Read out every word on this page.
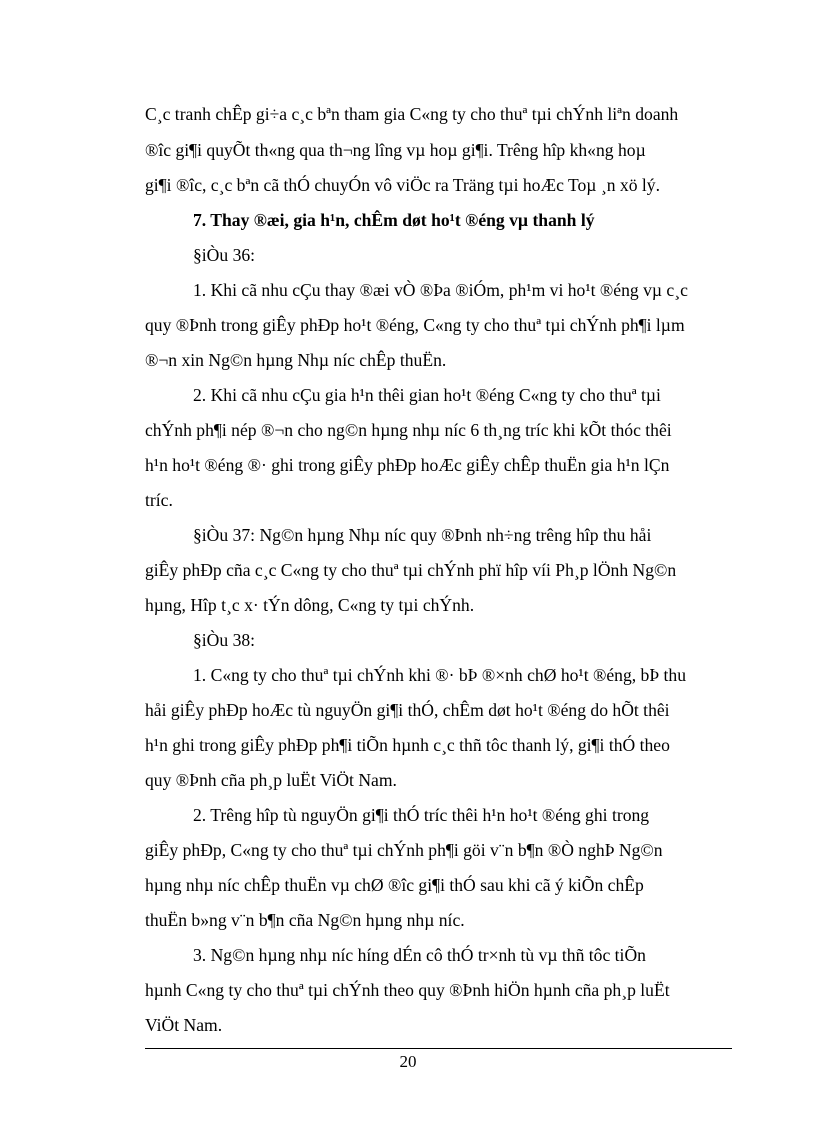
C¸c tranh chÊp gi÷a c¸c bªn tham gia C«ng ty cho thuª tµi chÝnh liªn doanh
®îc gi¶i quyÕt th«ng qua th¬ng lîng vµ hoµ gi¶i. Trêng hîp kh«ng hoµ
gi¶i ®îc, c¸c bªn cã thÓ chuyÓn vô viÖc ra Träng tµi hoÆc Toµ ¸n xö lý.
7. Thay ®æi, gia h¹n, chÊm døt ho¹t ®éng vµ thanh lý
§iÒu 36:
1. Khi cã nhu cÇu thay ®æi vÒ ®Þa ®iÓm, ph¹m vi ho¹t ®éng vµ c¸c
quy ®Þnh trong giÊy phÐp ho¹t ®éng, C«ng ty cho thuª tµi chÝnh ph¶i lµm
®¬n xin Ng©n hµng Nhµ níc chÊp thuËn.
2. Khi cã nhu cÇu gia h¹n thêi gian ho¹t ®éng C«ng ty cho thuª tµi
chÝnh ph¶i nép ®¬n cho ng©n hµng nhµ níc 6 th¸ng tríc khi kÕt thóc thêi
h¹n ho¹t ®éng ®· ghi trong giÊy phÐp hoÆc giÊy chÊp thuËn gia h¹n lÇn
tríc.
§iÒu 37: Ng©n hµng Nhµ níc quy ®Þnh nh÷ng trêng hîp thu håi
giÊy phÐp cña c¸c C«ng ty cho thuª tµi chÝnh phï hîp víi Ph¸p lÖnh Ng©n
hµng, Hîp t¸c x· tÝn dông, C«ng ty tµi chÝnh.
§iÒu 38:
1. C«ng ty cho thuª tµi chÝnh khi ®· bÞ ®×nh chØ ho¹t ®éng, bÞ thu
håi giÊy phÐp hoÆc tù nguyÖn gi¶i thÓ, chÊm døt ho¹t ®éng do hÕt thêi
h¹n ghi trong giÊy phÐp ph¶i tiÕn hµnh c¸c thñ tôc thanh lý, gi¶i thÓ theo
quy ®Þnh cña ph¸p luËt ViÖt Nam.
2. Trêng hîp tù nguyÖn gi¶i thÓ tríc thêi h¹n ho¹t ®éng ghi trong
giÊy phÐp, C«ng ty cho thuª tµi chÝnh ph¶i göi v¨n b¶n ®Ò nghÞ Ng©n
hµng nhµ níc chÊp thuËn vµ chØ ®îc gi¶i thÓ sau khi cã ý kiÕn chÊp
thuËn b»ng v¨n b¶n cña Ng©n hµng nhµ níc.
3. Ng©n hµng nhµ níc híng dÉn cô thÓ tr×nh tù vµ thñ tôc tiÕn
hµnh C«ng ty cho thuª tµi chÝnh theo quy ®Þnh hiÖn hµnh cña ph¸p luËt
ViÖt Nam.
20
